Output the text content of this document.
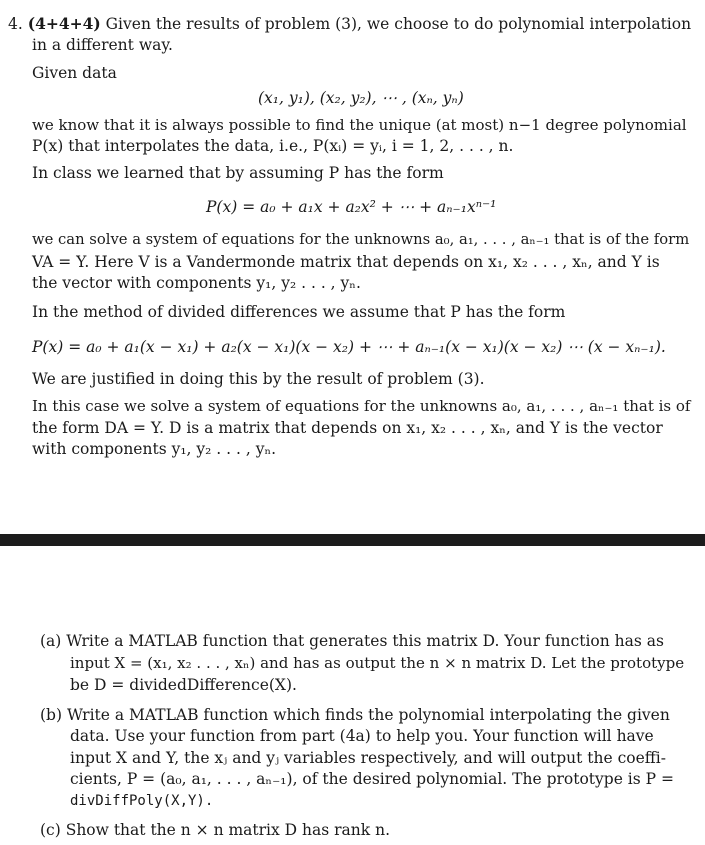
4. (4+4+4) Given the results of problem (3), we choose to do polynomial interpolation
in a different way.
Given data
(x₁, y₁), (x₂, y₂), ⋯ , (xₙ, yₙ)
we know that it is always possible to find the unique (at most) n−1 degree polynomial
P(x) that interpolates the data, i.e., P(xᵢ) = yᵢ, i = 1, 2, . . . , n.
In class we learned that by assuming P has the form
P(x) = a₀ + a₁x + a₂x² + ⋯ + aₙ₋₁xⁿ⁻¹
we can solve a system of equations for the unknowns a₀, a₁, . . . , aₙ₋₁ that is of the form
VA = Y. Here V is a Vandermonde matrix that depends on x₁, x₂ . . . , xₙ, and Y is
the vector with components y₁, y₂ . . . , yₙ.
In the method of divided differences we assume that P has the form
P(x) = a₀ + a₁(x − x₁) + a₂(x − x₁)(x − x₂) + ⋯ + aₙ₋₁(x − x₁)(x − x₂) ⋯ (x − xₙ₋₁).
We are justified in doing this by the result of problem (3).
In this case we solve a system of equations for the unknowns a₀, a₁, . . . , aₙ₋₁ that is of
the form DA = Y. D is a matrix that depends on x₁, x₂ . . . , xₙ, and Y is the vector
with components y₁, y₂ . . . , yₙ.
(a) Write a MATLAB function that generates this matrix D. Your function has as
input X = (x₁, x₂ . . . , xₙ) and has as output the n × n matrix D. Let the prototype
be D = dividedDifference(X).
(b) Write a MATLAB function which finds the polynomial interpolating the given
data. Use your function from part (4a) to help you. Your function will have
input X and Y, the xⱼ and yⱼ variables respectively, and will output the coeffi-
cients, P = (a₀, a₁, . . . , aₙ₋₁), of the desired polynomial. The prototype is P =
divDiffPoly(X,Y).
(c) Show that the n × n matrix D has rank n.
